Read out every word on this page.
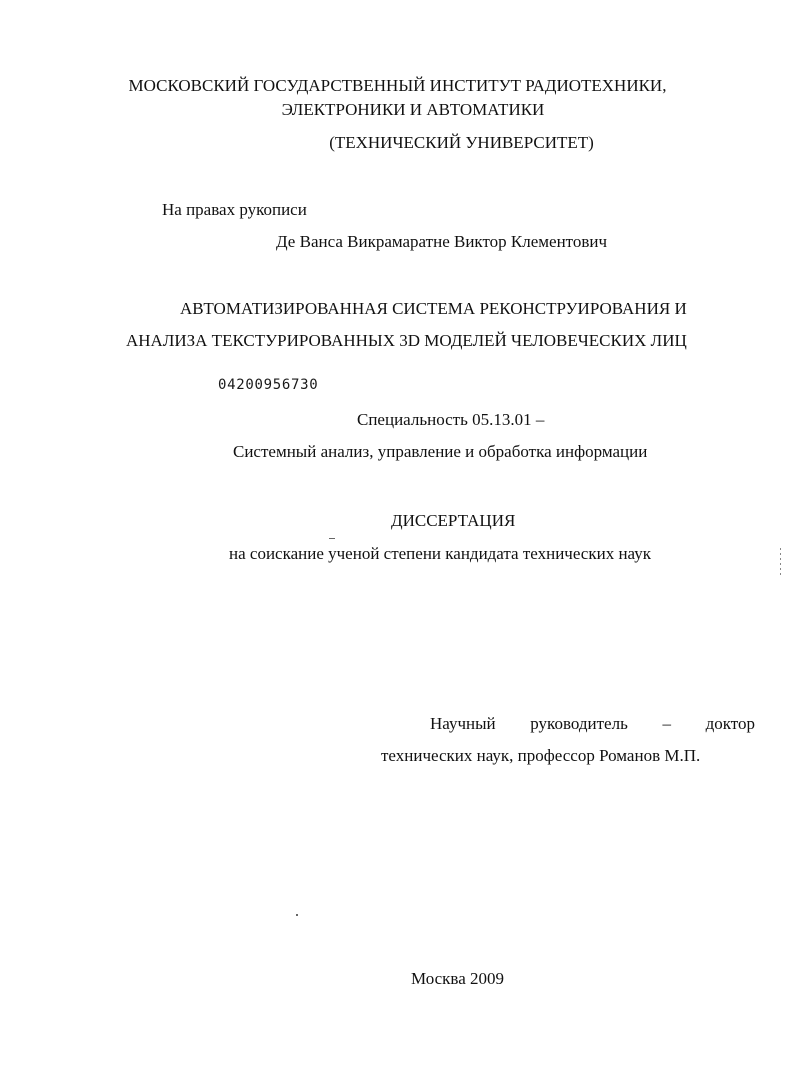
МОСКОВСКИЙ ГОСУДАРСТВЕННЫЙ ИНСТИТУТ РАДИОТЕХНИКИ,
ЭЛЕКТРОНИКИ И АВТОМАТИКИ
(ТЕХНИЧЕСКИЙ УНИВЕРСИТЕТ)
На правах рукописи
Де Ванса Викрамаратне Виктор Клементович
АВТОМАТИЗИРОВАННАЯ СИСТЕМА РЕКОНСТРУИРОВАНИЯ И
АНАЛИЗА ТЕКСТУРИРОВАННЫХ 3D МОДЕЛЕЙ ЧЕЛОВЕЧЕСКИХ ЛИЦ
04200956730
Специальность 05.13.01 –
Системный анализ, управление и обработка информации
ДИССЕРТАЦИЯ
на соискание ученой степени кандидата технических наук
Научный руководитель – доктор
технических наук, профессор Романов М.П.
Москва 2009
